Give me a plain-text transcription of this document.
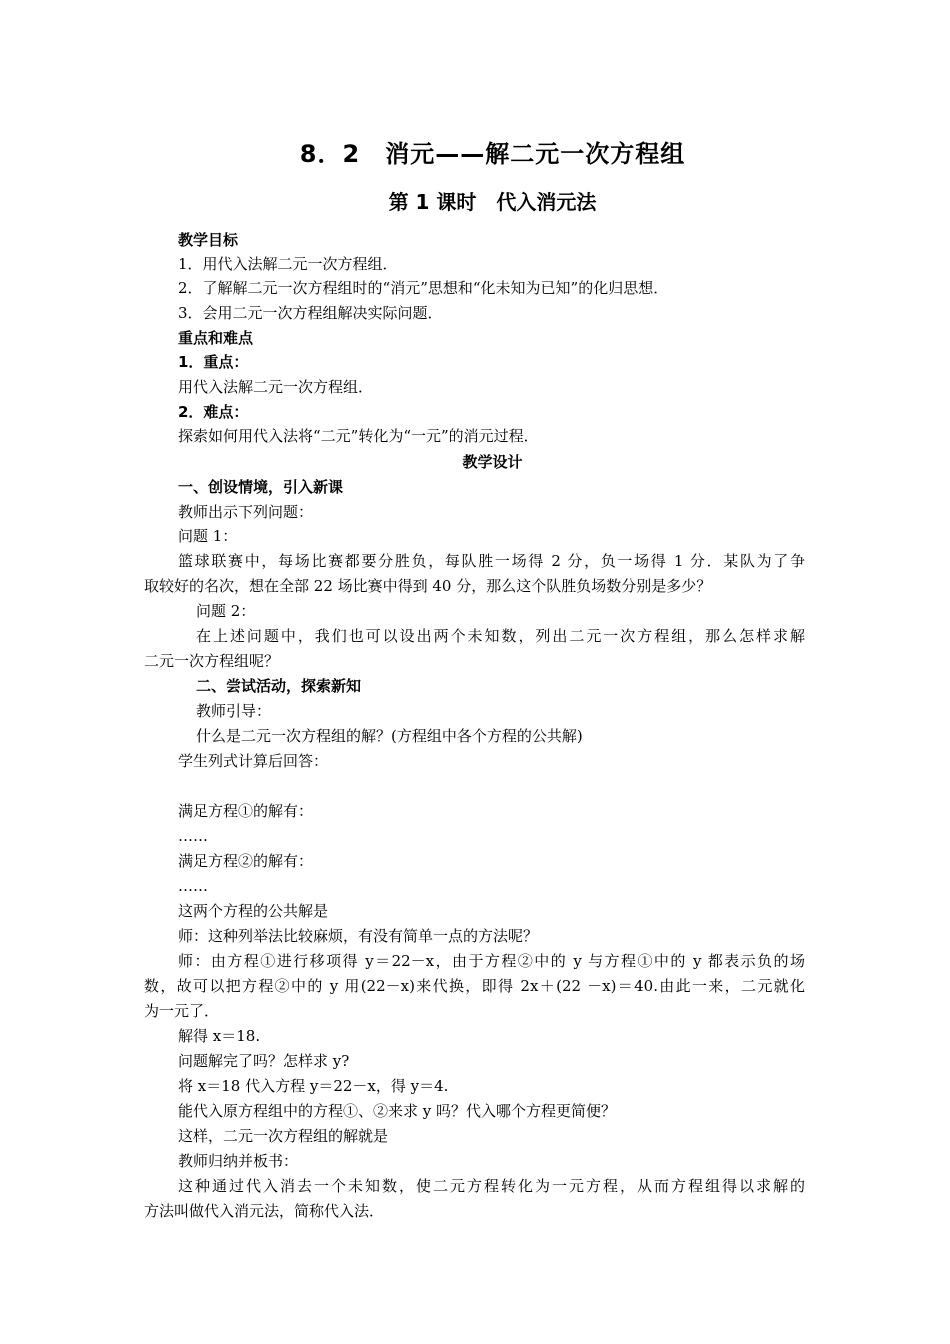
8．2　消元——解二元一次方程组
第 1 课时　代入消元法
教学目标
1．用代入法解二元一次方程组．
2．了解解二元一次方程组时的“消元”思想和“化未知为已知”的化归思想．
3．会用二元一次方程组解决实际问题．
重点和难点
1．重点：
用代入法解二元一次方程组．
2．难点：
探索如何用代入法将“二元”转化为“一元”的消元过程．
教学设计
一、创设情境，引入新课
教师出示下列问题：
问题 1：
篮球联赛中，每场比赛都要分胜负，每队胜一场得 2 分，负一场得 1 分．某队为了争
取较好的名次，想在全部 22 场比赛中得到 40 分，那么这个队胜负场数分别是多少？
问题 2：
在上述问题中，我们也可以设出两个未知数，列出二元一次方程组，那么怎样求解
二元一次方程组呢？
二、尝试活动，探索新知
教师引导：
什么是二元一次方程组的解？(方程组中各个方程的公共解)
学生列式计算后回答：
满足方程①的解有：
……
满足方程②的解有：
……
这两个方程的公共解是
师：这种列举法比较麻烦，有没有简单一点的方法呢？
师：由方程①进行移项得 y＝22－x，由于方程②中的 y 与方程①中的 y 都表示负的场
数，故可以把方程②中的 y 用(22－x)来代换，即得 2x＋(22 －x)＝40.由此一来，二元就化
为一元了．
解得 x＝18.
问题解完了吗？怎样求 y?
将 x＝18 代入方程 y＝22－x，得 y＝4.
能代入原方程组中的方程①、②来求 y 吗？代入哪个方程更简便？
这样，二元一次方程组的解就是
教师归纳并板书：
这种通过代入消去一个未知数，使二元方程转化为一元方程，从而方程组得以求解的
方法叫做代入消元法，简称代入法．
